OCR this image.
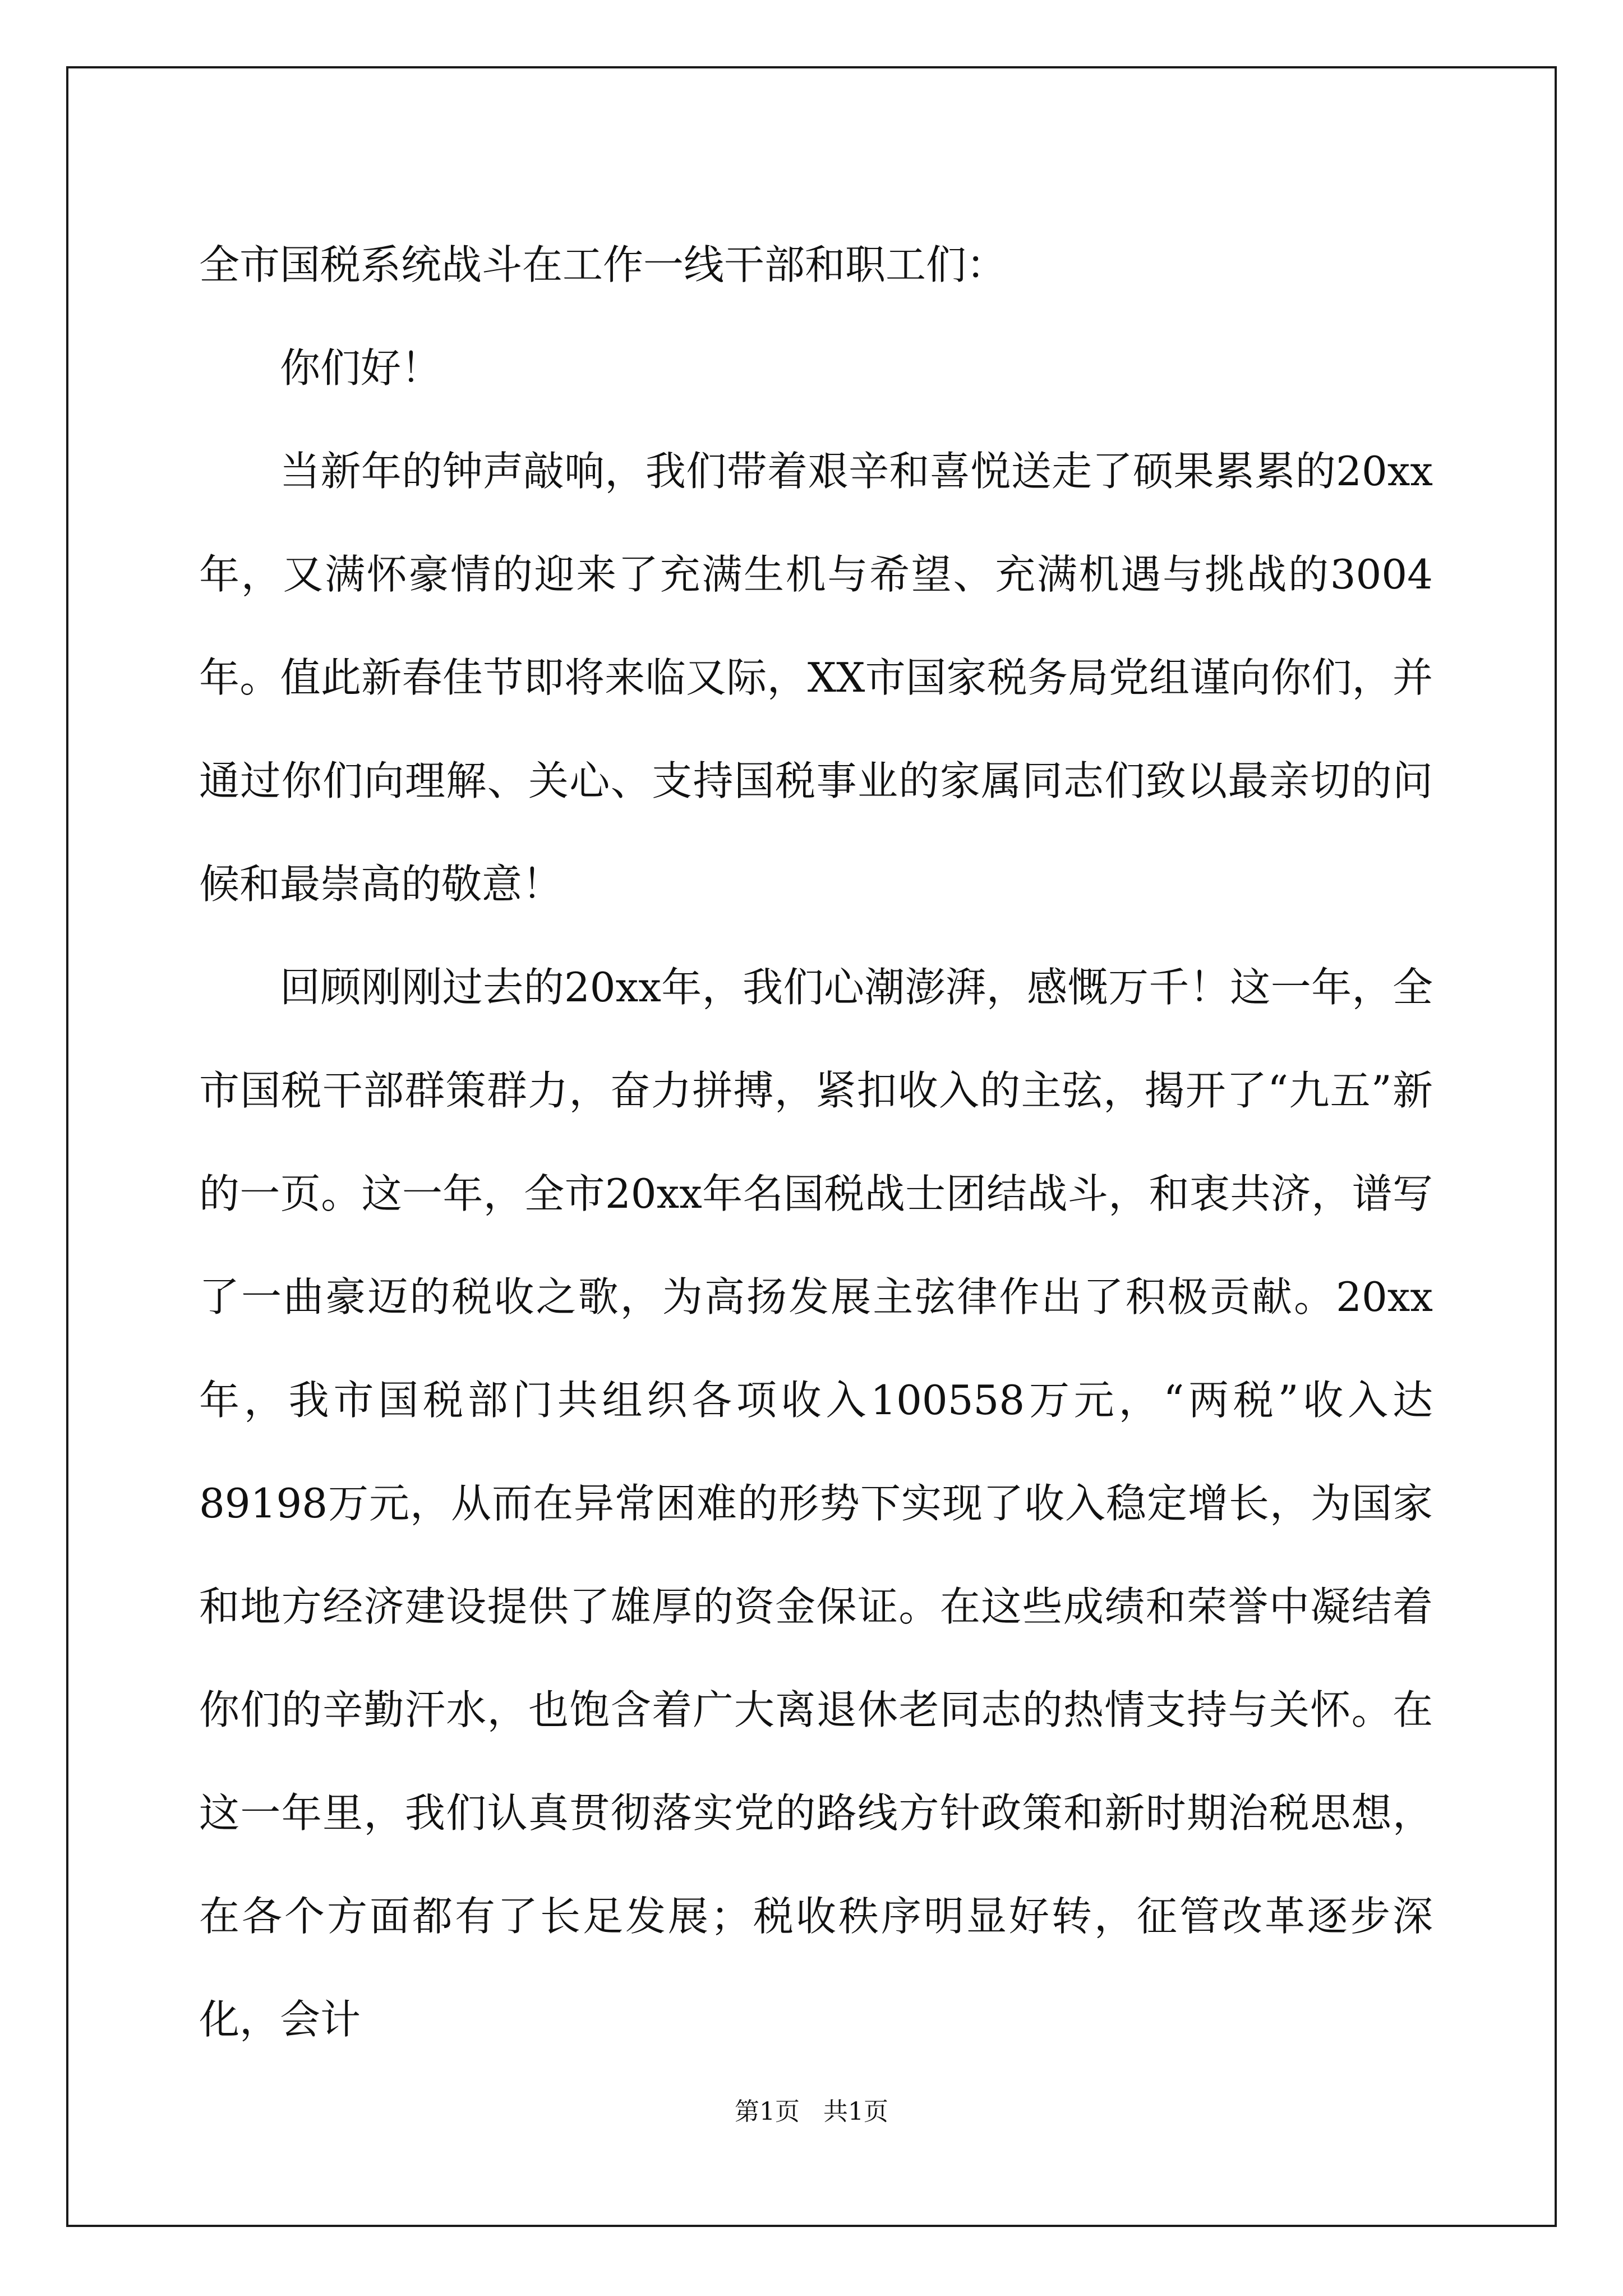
全市国税系统战斗在工作一线干部和职工们：

你们好！

当新年的钟声敲响，我们带着艰辛和喜悦送走了硕果累累的20xx年，又满怀豪情的迎来了充满生机与希望、充满机遇与挑战的3004年。值此新春佳节即将来临又际，XX市国家税务局党组谨向你们，并通过你们向理解、关心、支持国税事业的家属同志们致以最亲切的问候和最崇高的敬意！

回顾刚刚过去的20xx年，我们心潮澎湃，感慨万千！这一年，全市国税干部群策群力，奋力拼搏，紧扣收入的主弦，揭开了“九五”新的一页。这一年，全市20xx年名国税战士团结战斗，和衷共济，谱写了一曲豪迈的税收之歌，为高扬发展主弦律作出了积极贡献。20xx年，我市国税部门共组织各项收入100558万元，“两税”收入达89198万元，从而在异常困难的形势下实现了收入稳定增长，为国家和地方经济建设提供了雄厚的资金保证。在这些成绩和荣誉中凝结着你们的辛勤汗水，也饱含着广大离退休老同志的热情支持与关怀。在这一年里，我们认真贯彻落实党的路线方针政策和新时期治税思想，在各个方面都有了长足发展；税收秩序明显好转，征管改革逐步深化，会计

第1页 共1页
